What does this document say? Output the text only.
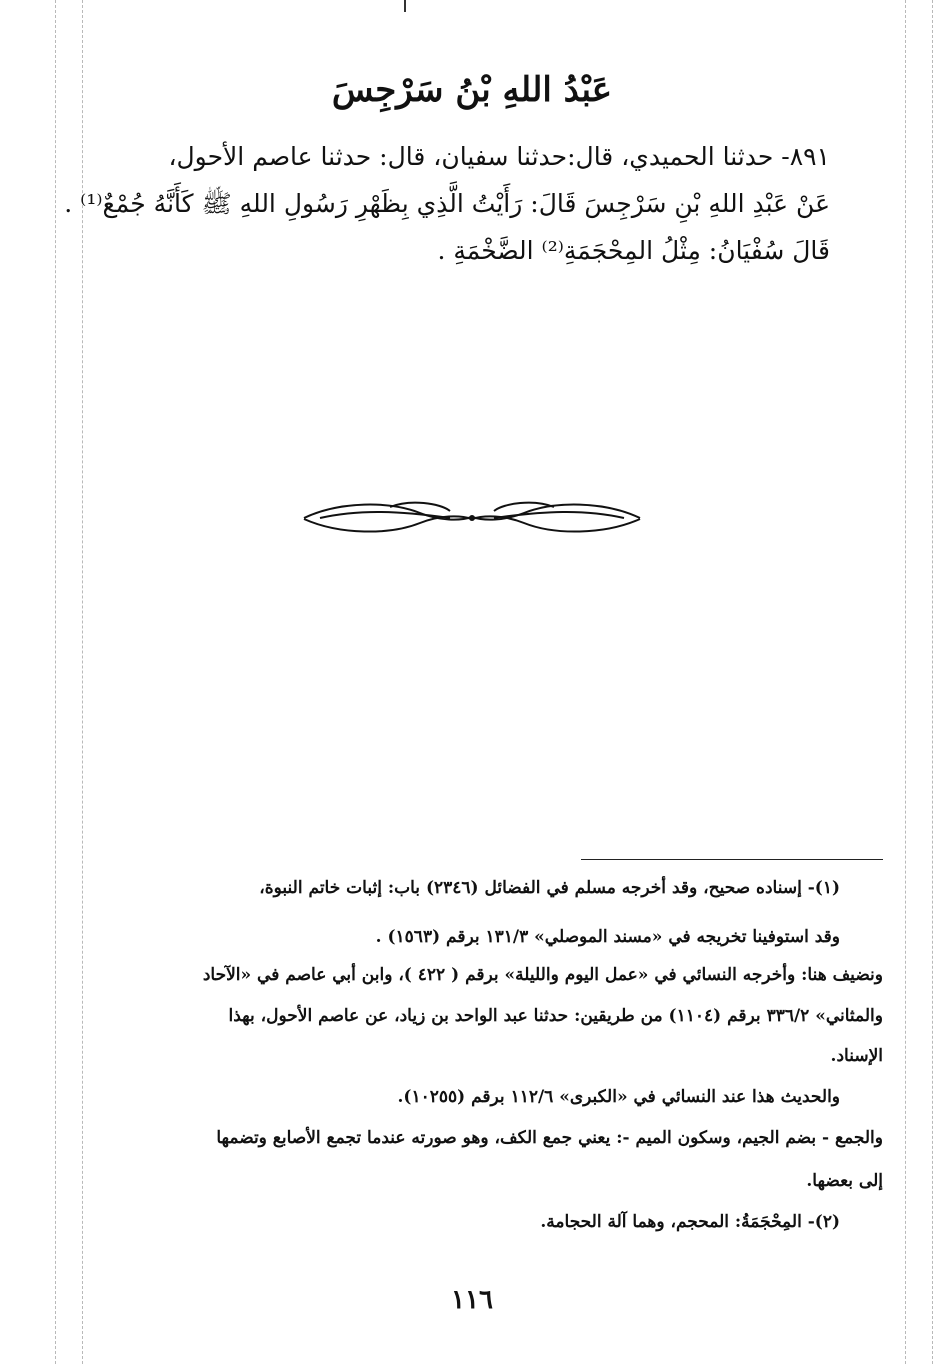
عَبْدُ اللهِ بْنُ سَرْجِسَ
٨٩١- حدثنا الحميدي، قال:حدثنا سفيان، قال: حدثنا عاصم الأحول،
عَنْ عَبْدِ اللهِ بْنِ سَرْجِسَ قَالَ: رَأَيْتُ الَّذِي بِظَهْرِ رَسُولِ اللهِ ﷺ كَأَنَّهُ جُمْعٌ⁽¹⁾ .
قَالَ سُفْيَانُ: مِثْلُ المِحْجَمَةِ⁽²⁾ الضَّخْمَةِ .
(١)- إسناده صحيح، وقد أخرجه مسلم في الفضائل (٢٣٤٦) باب: إثبات خاتم النبوة،
وقد استوفينا تخريجه في «مسند الموصلي» ١٣١/٣ برقم (١٥٦٣) .
ونضيف هنا: وأخرجه النسائي في «عمل اليوم والليلة» برقم ( ٤٢٢ )، وابن أبي عاصم في «الآحاد
والمثاني» ٣٣٦/٢ برقم (١١٠٤) من طريقين: حدثنا عبد الواحد بن زياد، عن عاصم الأحول، بهذا
الإسناد.
والحديث هذا عند النسائي في «الكبرى» ١١٢/٦ برقم (١٠٢٥٥).
والجمع - بضم الجيم، وسكون الميم -: يعني جمع الكف، وهو صورته عندما تجمع الأصابع وتضمها
إلى بعضها.
(٢)- المِحْجَمَةُ: المحجم، وهما آلة الحجامة.
١١٦
